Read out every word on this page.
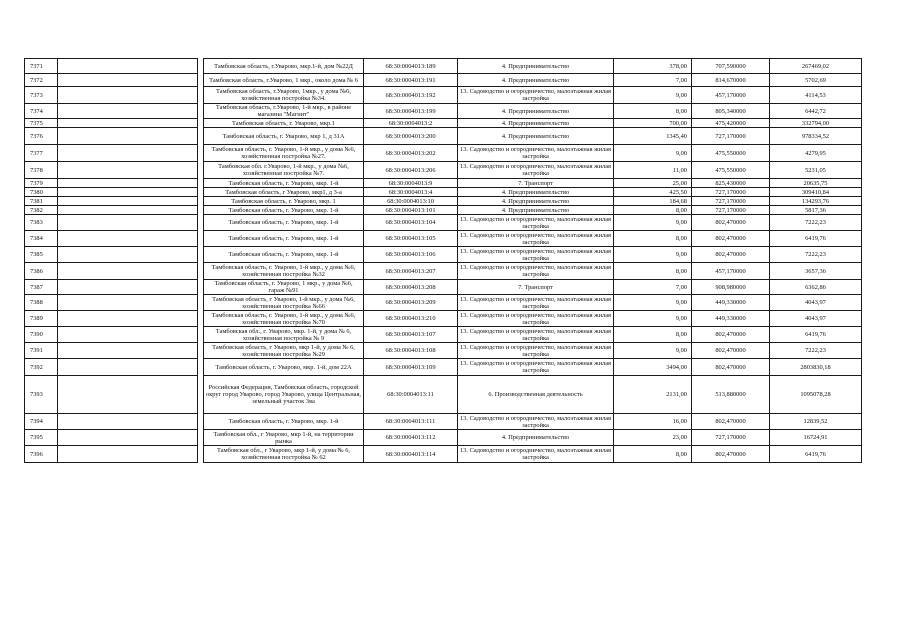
7371			Тамбовская область, г.Уварово, мкр.1-й, дом №22Д	68:30:0004013:189	4. Предпринимательство	378,00	707,590000	267469,02
7372			Тамбовская область, г.Уварово, 1 мкр., около дома № 6	68:30:0004013:191	4. Предпринимательство	7,00	814,670000	5702,69
7373			Тамбовская область, г.Уварово, 1мкр., у дома №6, хозяйственная постройка №34.	68:30:0004013:192	13. Садоводство и огородничество, малоэтажная жилая застройка	9,00	457,170000	4114,53
7374			Тамбовская область, г.Уварово, 1-й мкр., в районе магазина "Магнит"	68:30:0004013:199	4. Предпринимательство	8,00	805,340000	6442,72
7375			Тамбовская область, г. Уварово, мкр.1	68:30:0004013:2	4. Предпринимательство	700,00	475,420000	332794,00
7376			Тамбовская область, г. Уварово, мкр 1, д 31А	68:30:0004013:200	4. Предпринимательство	1345,40	727,170000	978334,52
7377			Тамбовская область, г. Уварово, 1-й мкр., у дома №6, хозяйственная постройка №27.	68:30:0004013:202	13. Садоводство и огородничество, малоэтажная жилая застройка	9,00	475,550000	4279,95
7378			Тамбовская обл. г.Уварово, 1-й мкр., у дома №6, хозяйственная постройка №7.	68:30:0004013:206	13. Садоводство и огородничество, малоэтажная жилая застройка	11,00	475,550000	5231,05
7379			Тамбовская область, г. Уварово, мкр. 1-й	68:30:0004013:9	7. Транспорт	25,00	825,430000	20635,75
7380			Тамбовская область, г Уварово, мкр1, д 3-а	68:30:0004013:4	4. Предпринимательство	425,50	727,170000	309410,84
7381			Тамбовская область, г. Уварово, мкр. 1	68:30:0004013:10	4. Предпринимательство	184,68	727,170000	134293,76
7382			Тамбовская область, г. Уварово, мкр. 1-й	68:30:0004013:101	4. Предпринимательство	8,00	727,170000	5817,36
7383			Тамбовская область, г. Уварово, мкр. 1-й	68:30:0004013:104	13. Садоводство и огородничество, малоэтажная жилая застройка	9,00	802,470000	7222,23
7384			Тамбовская область, г. Уварово, мкр. 1-й	68:30:0004013:105	13. Садоводство и огородничество, малоэтажная жилая застройка	8,00	802,470000	6419,76
7385			Тамбовская область, г. Уварово, мкр. 1-й	68:30:0004013:106	13. Садоводство и огородничество, малоэтажная жилая застройка	9,00	802,470000	7222,23
7386			Тамбовская область, г. Уварово, 1-й мкр., у дома №6, хозяйственная постройка №32	68:30:0004013:207	13. Садоводство и огородничество, малоэтажная жилая застройка	8,00	457,170000	3657,36
7387			Тамбовская область, г. Уварово, 1 мкр., у дома №6, гараж №91	68:30:0004013:208	7. Транспорт	7,00	908,980000	6362,86
7388			Тамбовская область, г Уварово, 1-й мкр., у дома №6, хозяйственная постройка №66	68:30:0004013:209	13. Садоводство и огородничество, малоэтажная жилая застройка	9,00	449,330000	4043,97
7389			Тамбовская область, г. Уварово, 1-й мкр., у дома №6, хозяйственная постройка №70	68:30:0004013:210	13. Садоводство и огородничество, малоэтажная жилая застройка	9,00	449,330000	4043,97
7390			Тамбовская обл., г. Уварово, мкр. 1-й, у дома № 6, хозяйственная постройка № 9	68:30:0004013:107	13. Садоводство и огородничество, малоэтажная жилая застройка	8,00	802,470000	6419,76
7391			Тамбовская область, г Уварово, мкр 1-й, у дома № 6, хозяйственная постройка №29	68:30:0004013:108	13. Садоводство и огородничество, малоэтажная жилая застройка	9,00	802,470000	7222,23
7392			Тамбовская область, г. Уварово, мкр. 1-й, дом 22А	68:30:0004013:109	13. Садоводство и огородничество, малоэтажная жилая застройка	3494,00	802,470000	2803830,18
7393			Российская Федерация, Тамбовская область, городской округ город Уварово, город Уварово, улица Центральная, земельный участок 3ва	68:30:0004013:11	6. Производственная деятельность	2131,00	513,880000	1095078,28
7394			Тамбовская область, г. Уварово, мкр. 1-й	68:30:0004013:111	13. Садоводство и огородничество, малоэтажная жилая застройка	16,00	802,470000	12839,52
7395			Тамбовская обл., г Уварово, мкр 1-й, на территории рынка	68:30:0004013:112	4. Предпринимательство	23,00	727,170000	16724,91
7396			Тамбовская обл., г Уварово, мкр 1-й, у дома № 6, хозяйственная постройка № 62	68:30:0004013:114	13. Садоводство и огородничество, малоэтажная жилая застройка	8,00	802,470000	6419,76
